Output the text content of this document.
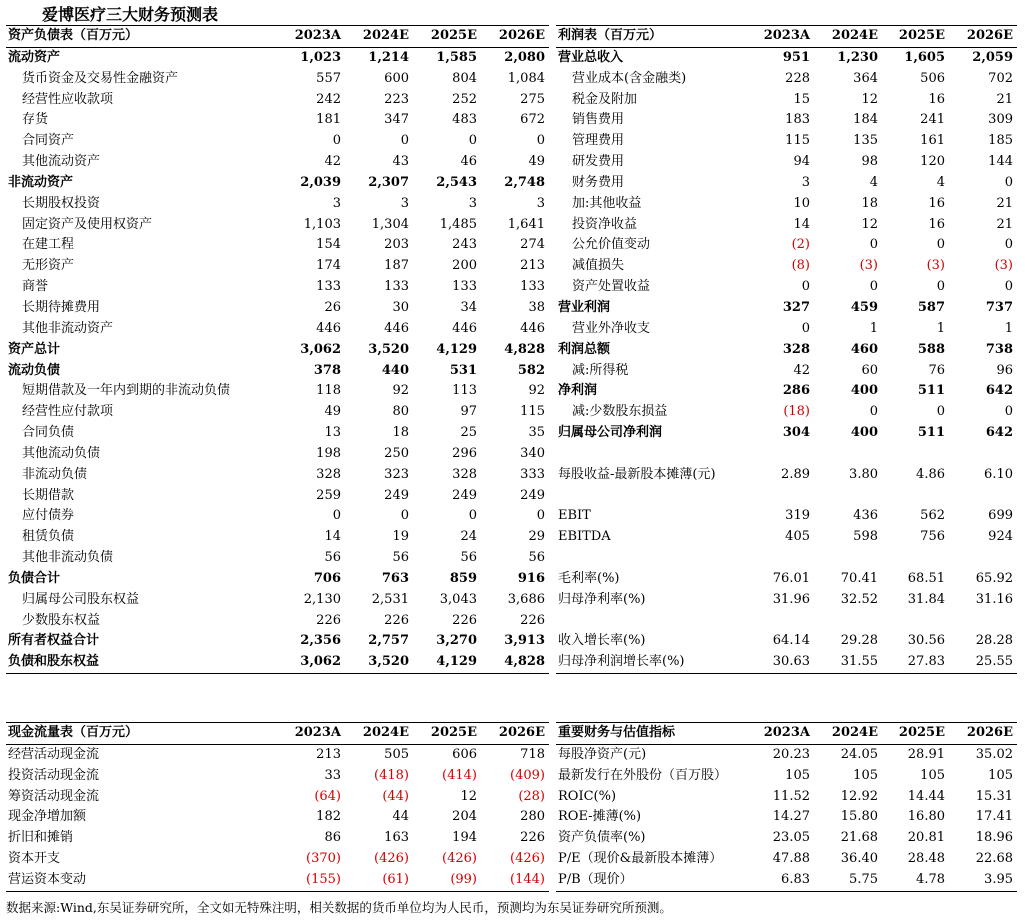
爱博医疗三大财务预测表
资产负债表（百万元）	2023A	2024E	2025E	2026E
流动资产	1,023	1,214	1,585	2,080
货币资金及交易性金融资产	557	600	804	1,084
经营性应收款项	242	223	252	275
存货	181	347	483	672
合同资产	0	0	0	0
其他流动资产	42	43	46	49
非流动资产	2,039	2,307	2,543	2,748
长期股权投资	3	3	3	3
固定资产及使用权资产	1,103	1,304	1,485	1,641
在建工程	154	203	243	274
无形资产	174	187	200	213
商誉	133	133	133	133
长期待摊费用	26	30	34	38
其他非流动资产	446	446	446	446
资产总计	3,062	3,520	4,129	4,828
流动负债	378	440	531	582
短期借款及一年内到期的非流动负债	118	92	113	92
经营性应付款项	49	80	97	115
合同负债	13	18	25	35
其他流动负债	198	250	296	340
非流动负债	328	323	328	333
长期借款	259	249	249	249
应付债券	0	0	0	0
租赁负债	14	19	24	29
其他非流动负债	56	56	56	56
负债合计	706	763	859	916
归属母公司股东权益	2,130	2,531	3,043	3,686
少数股东权益	226	226	226	226
所有者权益合计	2,356	2,757	3,270	3,913
负债和股东权益	3,062	3,520	4,129	4,828
利润表（百万元）	2023A	2024E	2025E	2026E
营业总收入	951	1,230	1,605	2,059
营业成本(含金融类)	228	364	506	702
税金及附加	15	12	16	21
销售费用	183	184	241	309
管理费用	115	135	161	185
研发费用	94	98	120	144
财务费用	3	4	4	0
加:其他收益	10	18	16	21
投资净收益	14	12	16	21
公允价值变动	(2)	0	0	0
减值损失	(8)	(3)	(3)	(3)
资产处置收益	0	0	0	0
营业利润	327	459	587	737
营业外净收支	0	1	1	1
利润总额	328	460	588	738
减:所得税	42	60	76	96
净利润	286	400	511	642
减:少数股东损益	(18)	0	0	0
归属母公司净利润	304	400	511	642

每股收益-最新股本摊薄(元)	2.89	3.80	4.86	6.10

EBIT	319	436	562	699
EBITDA	405	598	756	924

毛利率(%)	76.01	70.41	68.51	65.92
归母净利率(%)	31.96	32.52	31.84	31.16

收入增长率(%)	64.14	29.28	30.56	28.28
归母净利润增长率(%)	30.63	31.55	27.83	25.55
现金流量表（百万元）	2023A	2024E	2025E	2026E
经营活动现金流	213	505	606	718
投资活动现金流	33	(418)	(414)	(409)
筹资活动现金流	(64)	(44)	12	(28)
现金净增加额	182	44	204	280
折旧和摊销	86	163	194	226
资本开支	(370)	(426)	(426)	(426)
营运资本变动	(155)	(61)	(99)	(144)
重要财务与估值指标	2023A	2024E	2025E	2026E
每股净资产(元)	20.23	24.05	28.91	35.02
最新发行在外股份（百万股）	105	105	105	105
ROIC(%)	11.52	12.92	14.44	15.31
ROE-摊薄(%)	14.27	15.80	16.80	17.41
资产负债率(%)	23.05	21.68	20.81	18.96
P/E（现价&最新股本摊薄）	47.88	36.40	28.48	22.68
P/B（现价）	6.83	5.75	4.78	3.95
数据来源:Wind,东吴证券研究所，全文如无特殊注明，相关数据的货币单位均为人民币，预测均为东吴证券研究所预测。
